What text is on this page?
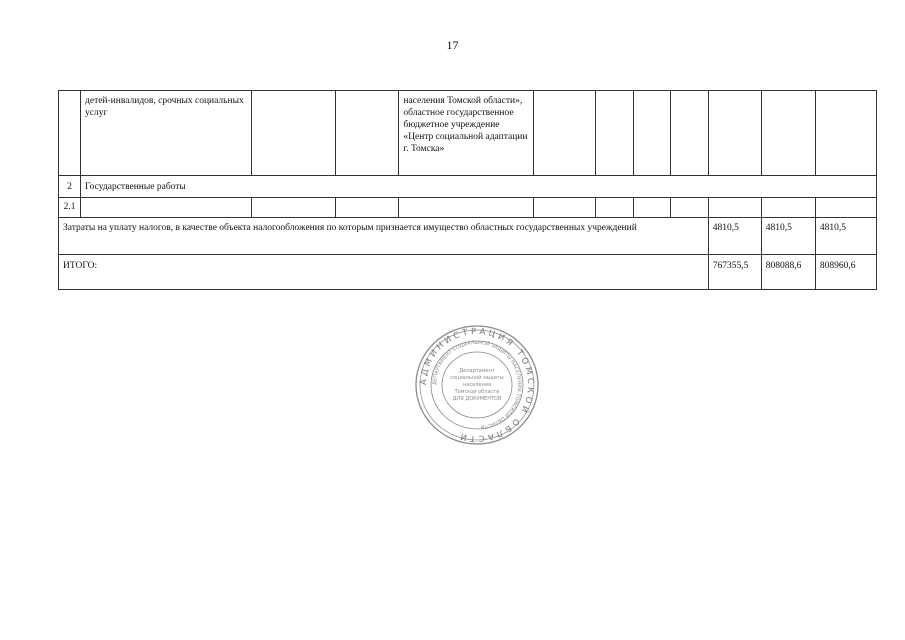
17
	детей-инвалидов, срочных социальных услуг			населения Томской области», областное государственное бюджетное учреждение «Центр социальной адаптации г. Томска»							
2	Государственные работы										
2.1											
Затраты на уплату налогов, в качестве объекта налогообложения по которым признается имущество областных государственных учреждений									4810,5	4810,5	4810,5
ИТОГО:									767355,5	808088,6	808960,6
АДМИНИСТРАЦИЯ ТОМСКОЙ ОБЛАСТИ
ДЕПАРТАМЕНТ СОЦИАЛЬНОЙ ЗАЩИТЫ НАСЕЛЕНИЯ ТОМСКОЙ ОБЛАСТИ
Департамент
социальной защиты
населения
Томской области
ДЛЯ ДОКУМЕНТОВ
